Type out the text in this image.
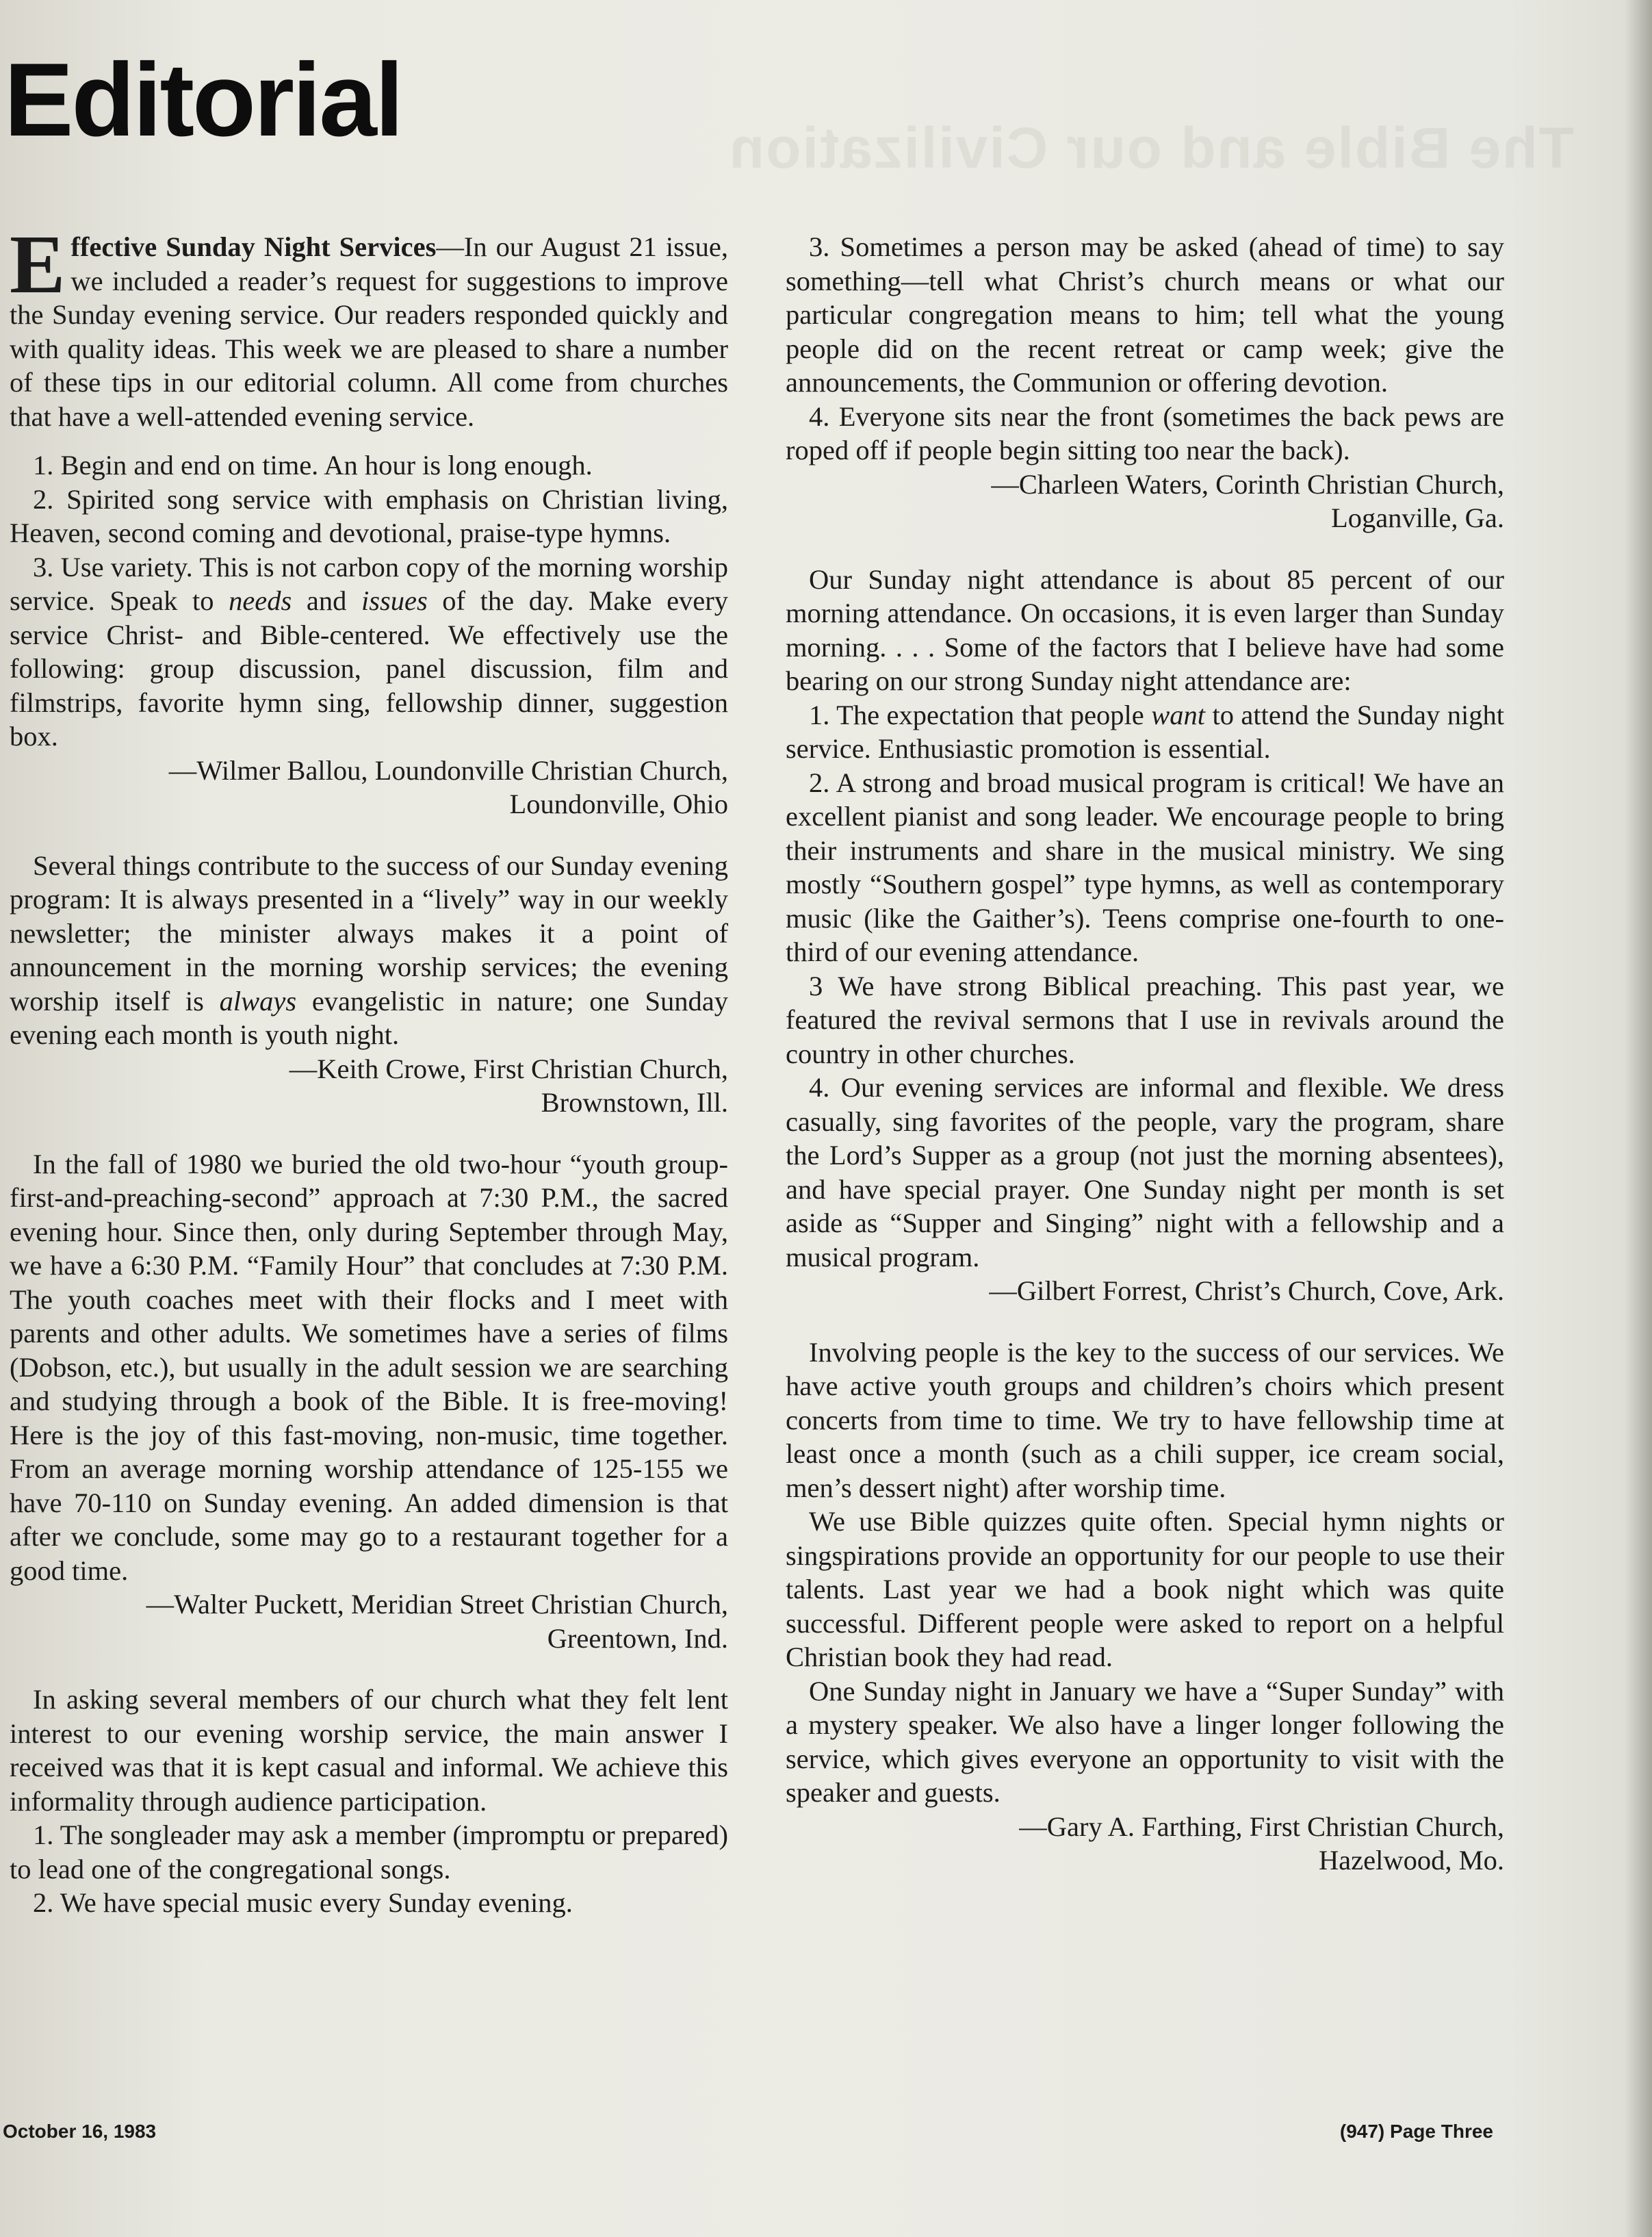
The Bible and our Civilization
Editorial

Effective Sunday Night Services—In our August 21 issue, we included a reader’s request for suggestions to improve the Sunday evening service. Our readers responded quickly and with quality ideas. This week we are pleased to share a number of these tips in our editorial column. All come from churches that have a well-attended evening service.

1. Begin and end on time. An hour is long enough.

2. Spirited song service with emphasis on Christian living, Heaven, second coming and devotional, praise-type hymns.

3. Use variety. This is not carbon copy of the morning worship service. Speak to needs and issues of the day. Make every service Christ- and Bible-centered. We effectively use the following: group discussion, panel discussion, film and filmstrips, favorite hymn sing, fellowship dinner, suggestion box.

—Wilmer Ballou, Loundonville Christian Church,

Loundonville, Ohio

Several things contribute to the success of our Sunday evening program: It is always presented in a “lively” way in our weekly newsletter; the minister always makes it a point of announcement in the morning worship services; the evening worship itself is always evangelistic in nature; one Sunday evening each month is youth night.

—Keith Crowe, First Christian Church,

Brownstown, Ill.

In the fall of 1980 we buried the old two-hour “youth group-first-and-preaching-second” approach at 7:30 P.M., the sacred evening hour. Since then, only during September through May, we have a 6:30 P.M. “Family Hour” that concludes at 7:30 P.M. The youth coaches meet with their flocks and I meet with parents and other adults. We sometimes have a series of films (Dobson, etc.), but usually in the adult session we are searching and studying through a book of the Bible. It is free-moving! Here is the joy of this fast-moving, non-music, time together. From an average morning worship attendance of 125-155 we have 70-110 on Sunday evening. An added dimension is that after we conclude, some may go to a restaurant together for a good time.

—Walter Puckett, Meridian Street Christian Church,

Greentown, Ind.

In asking several members of our church what they felt lent interest to our evening worship service, the main answer I received was that it is kept casual and informal. We achieve this informality through audience participation.

1. The songleader may ask a member (impromptu or prepared) to lead one of the congregational songs.

2. We have special music every Sunday evening.

3. Sometimes a person may be asked (ahead of time) to say something—tell what Christ’s church means or what our particular congregation means to him; tell what the young people did on the recent retreat or camp week; give the announcements, the Communion or offering devotion.

4. Everyone sits near the front (sometimes the back pews are roped off if people begin sitting too near the back).

—Charleen Waters, Corinth Christian Church,

Loganville, Ga.

Our Sunday night attendance is about 85 percent of our morning attendance. On occasions, it is even larger than Sunday morning. . . . Some of the factors that I believe have had some bearing on our strong Sunday night attendance are:

1. The expectation that people want to attend the Sunday night service. Enthusiastic promotion is essential.

2. A strong and broad musical program is critical! We have an excellent pianist and song leader. We encourage people to bring their instruments and share in the musical ministry. We sing mostly “Southern gospel” type hymns, as well as contemporary music (like the Gaither’s). Teens comprise one-fourth to one-third of our evening attendance.

3 We have strong Biblical preaching. This past year, we featured the revival sermons that I use in revivals around the country in other churches.

4. Our evening services are informal and flexible. We dress casually, sing favorites of the people, vary the program, share the Lord’s Supper as a group (not just the morning absentees), and have special prayer. One Sunday night per month is set aside as “Supper and Singing” night with a fellowship and a musical program.

—Gilbert Forrest, Christ’s Church, Cove, Ark.

Involving people is the key to the success of our services. We have active youth groups and children’s choirs which present concerts from time to time. We try to have fellowship time at least once a month (such as a chili supper, ice cream social, men’s dessert night) after worship time.

We use Bible quizzes quite often. Special hymn nights or singspirations provide an opportunity for our people to use their talents. Last year we had a book night which was quite successful. Different people were asked to report on a helpful Christian book they had read.

One Sunday night in January we have a “Super Sunday” with a mystery speaker. We also have a linger longer following the service, which gives everyone an opportunity to visit with the speaker and guests.

—Gary A. Farthing, First Christian Church,

Hazelwood, Mo.

October 16, 1983	(947) Page Three
